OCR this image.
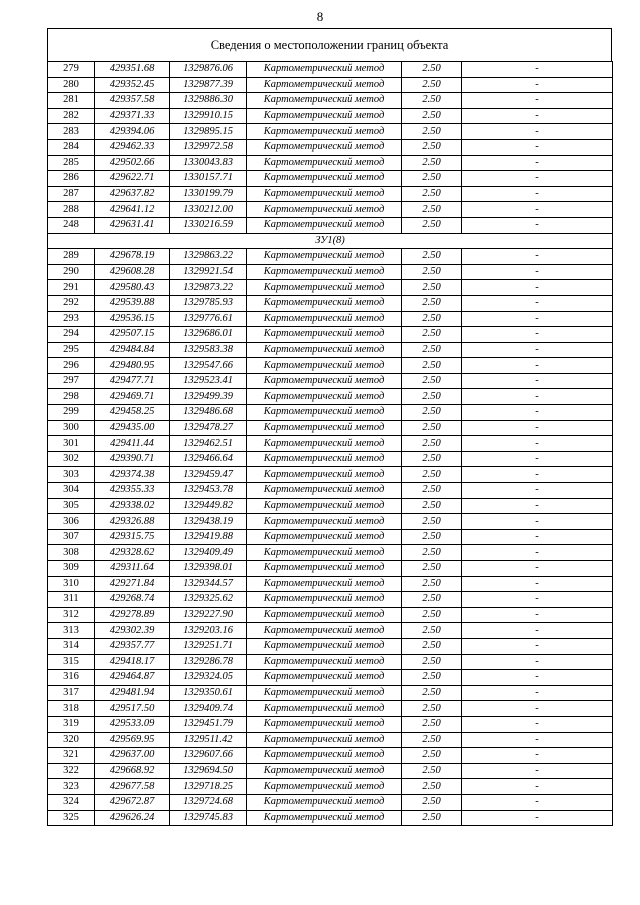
8
Сведения о местоположении границ объекта
279	429351.68	1329876.06	Картометрический метод	2.50	-
280	429352.45	1329877.39	Картометрический метод	2.50	-
281	429357.58	1329886.30	Картометрический метод	2.50	-
282	429371.33	1329910.15	Картометрический метод	2.50	-
283	429394.06	1329895.15	Картометрический метод	2.50	-
284	429462.33	1329972.58	Картометрический метод	2.50	-
285	429502.66	1330043.83	Картометрический метод	2.50	-
286	429622.71	1330157.71	Картометрический метод	2.50	-
287	429637.82	1330199.79	Картометрический метод	2.50	-
288	429641.12	1330212.00	Картометрический метод	2.50	-
248	429631.41	1330216.59	Картометрический метод	2.50	-
ЗУ1(8)					
289	429678.19	1329863.22	Картометрический метод	2.50	-
290	429608.28	1329921.54	Картометрический метод	2.50	-
291	429580.43	1329873.22	Картометрический метод	2.50	-
292	429539.88	1329785.93	Картометрический метод	2.50	-
293	429536.15	1329776.61	Картометрический метод	2.50	-
294	429507.15	1329686.01	Картометрический метод	2.50	-
295	429484.84	1329583.38	Картометрический метод	2.50	-
296	429480.95	1329547.66	Картометрический метод	2.50	-
297	429477.71	1329523.41	Картометрический метод	2.50	-
298	429469.71	1329499.39	Картометрический метод	2.50	-
299	429458.25	1329486.68	Картометрический метод	2.50	-
300	429435.00	1329478.27	Картометрический метод	2.50	-
301	429411.44	1329462.51	Картометрический метод	2.50	-
302	429390.71	1329466.64	Картометрический метод	2.50	-
303	429374.38	1329459.47	Картометрический метод	2.50	-
304	429355.33	1329453.78	Картометрический метод	2.50	-
305	429338.02	1329449.82	Картометрический метод	2.50	-
306	429326.88	1329438.19	Картометрический метод	2.50	-
307	429315.75	1329419.88	Картометрический метод	2.50	-
308	429328.62	1329409.49	Картометрический метод	2.50	-
309	429311.64	1329398.01	Картометрический метод	2.50	-
310	429271.84	1329344.57	Картометрический метод	2.50	-
311	429268.74	1329325.62	Картометрический метод	2.50	-
312	429278.89	1329227.90	Картометрический метод	2.50	-
313	429302.39	1329203.16	Картометрический метод	2.50	-
314	429357.77	1329251.71	Картометрический метод	2.50	-
315	429418.17	1329286.78	Картометрический метод	2.50	-
316	429464.87	1329324.05	Картометрический метод	2.50	-
317	429481.94	1329350.61	Картометрический метод	2.50	-
318	429517.50	1329409.74	Картометрический метод	2.50	-
319	429533.09	1329451.79	Картометрический метод	2.50	-
320	429569.95	1329511.42	Картометрический метод	2.50	-
321	429637.00	1329607.66	Картометрический метод	2.50	-
322	429668.92	1329694.50	Картометрический метод	2.50	-
323	429677.58	1329718.25	Картометрический метод	2.50	-
324	429672.87	1329724.68	Картометрический метод	2.50	-
325	429626.24	1329745.83	Картометрический метод	2.50	-
